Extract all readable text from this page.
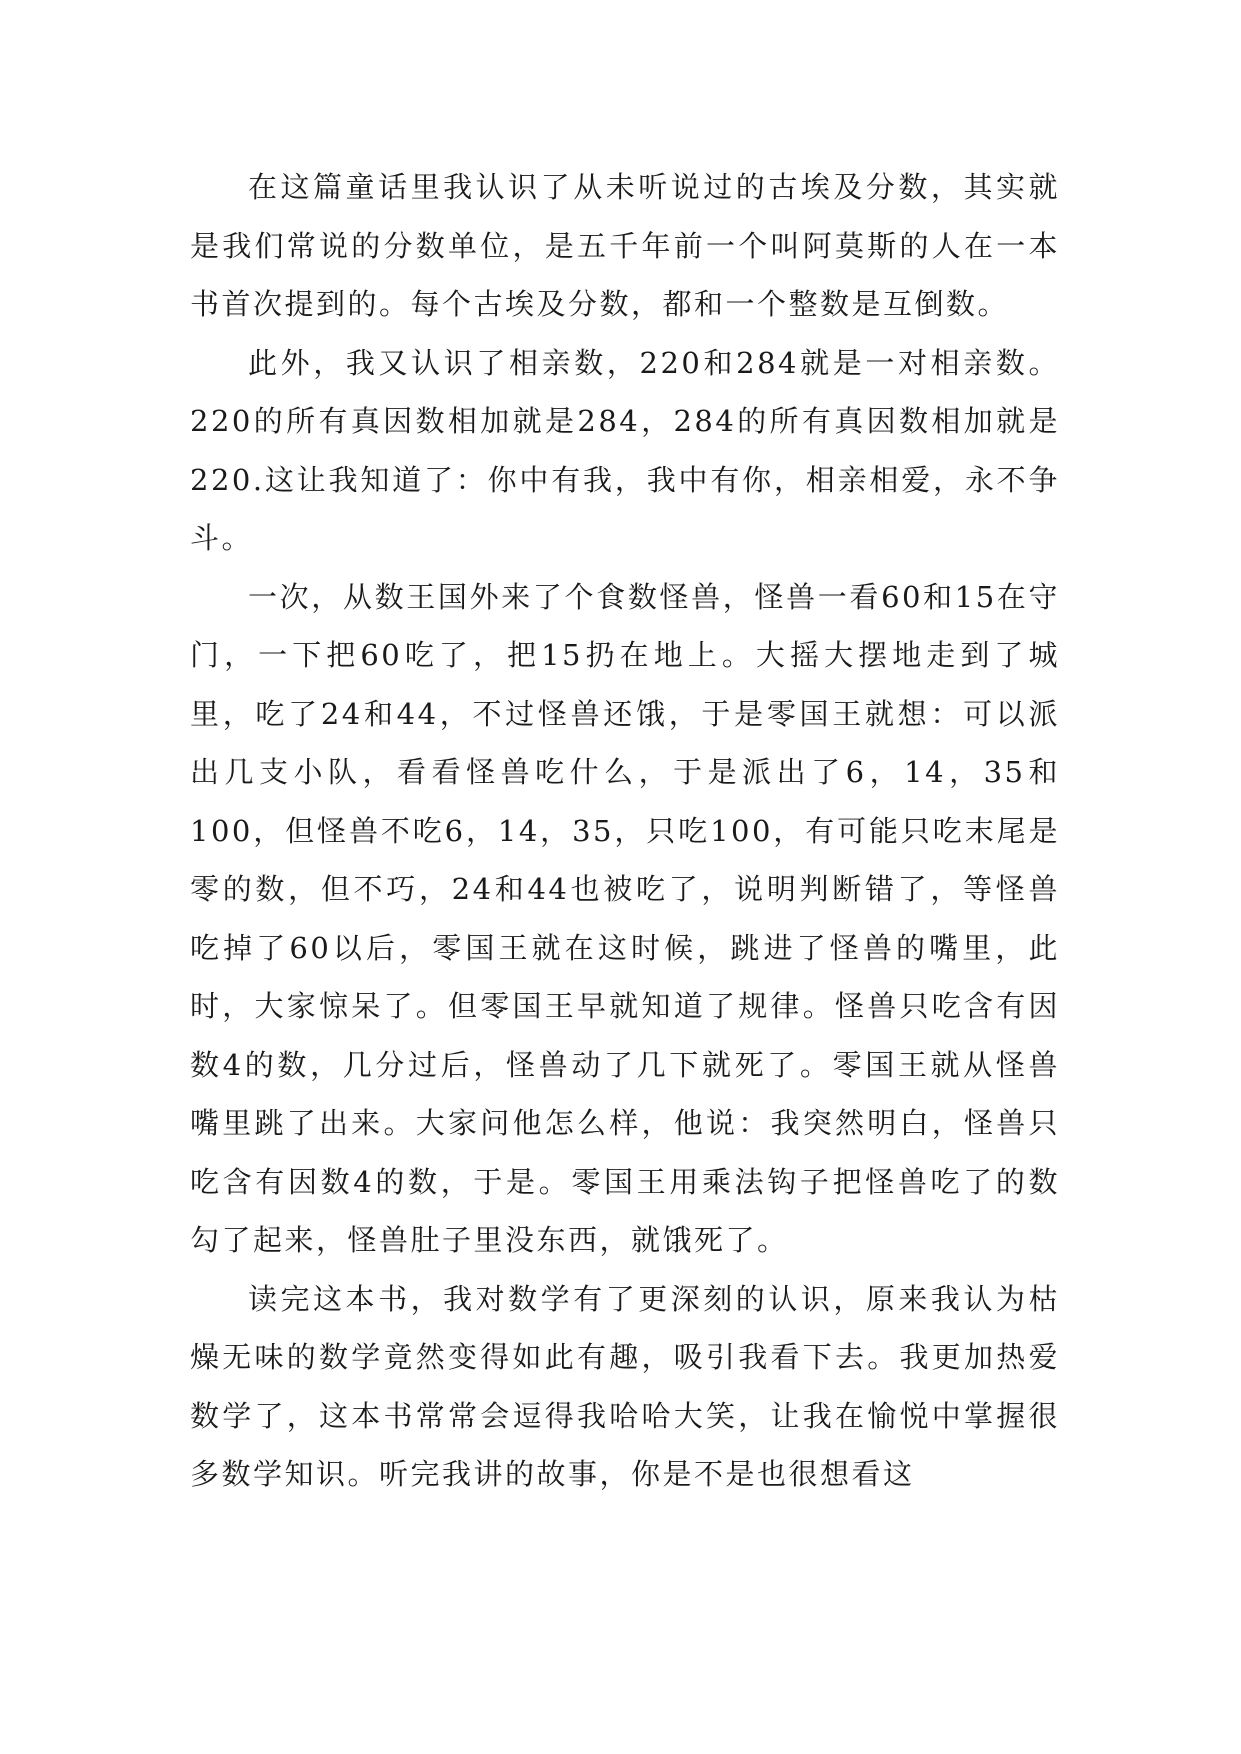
在这篇童话里我认识了从未听说过的古埃及分数，其实就是我们常说的分数单位，是五千年前一个叫阿莫斯的人在一本书首次提到的。每个古埃及分数，都和一个整数是互倒数。

此外，我又认识了相亲数，220和284就是一对相亲数。220的所有真因数相加就是284，284的所有真因数相加就是220.这让我知道了：你中有我，我中有你，相亲相爱，永不争斗。

一次，从数王国外来了个食数怪兽，怪兽一看60和15在守门，一下把60吃了，把15扔在地上。大摇大摆地走到了城里，吃了24和44，不过怪兽还饿，于是零国王就想：可以派出几支小队，看看怪兽吃什么，于是派出了6，14，35和100，但怪兽不吃6，14，35，只吃100，有可能只吃末尾是零的数，但不巧，24和44也被吃了，说明判断错了，等怪兽吃掉了60以后，零国王就在这时候，跳进了怪兽的嘴里，此时，大家惊呆了。但零国王早就知道了规律。怪兽只吃含有因数4的数，几分过后，怪兽动了几下就死了。零国王就从怪兽嘴里跳了出来。大家问他怎么样，他说：我突然明白，怪兽只吃含有因数4的数，于是。零国王用乘法钩子把怪兽吃了的数勾了起来，怪兽肚子里没东西，就饿死了。

读完这本书，我对数学有了更深刻的认识，原来我认为枯燥无味的数学竟然变得如此有趣，吸引我看下去。我更加热爱数学了，这本书常常会逗得我哈哈大笑，让我在愉悦中掌握很多数学知识。听完我讲的故事，你是不是也很想看这
